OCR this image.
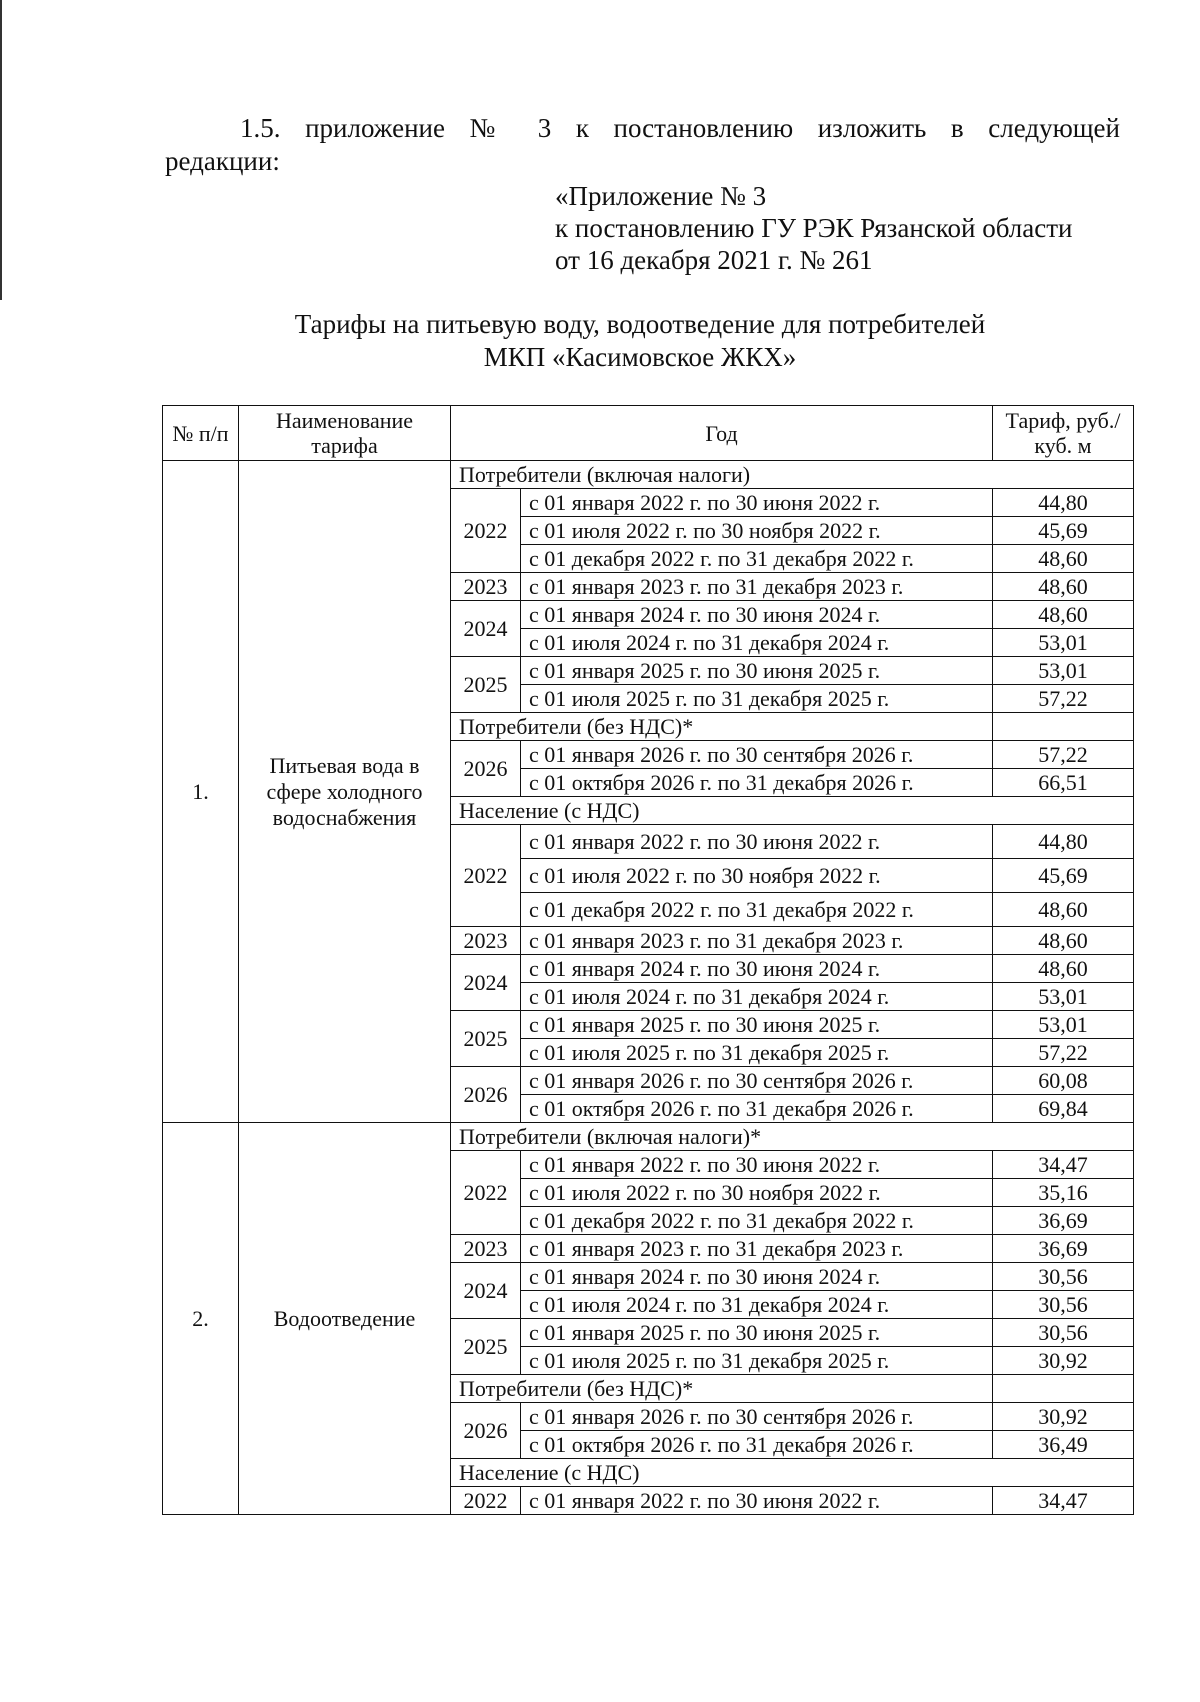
1.5. приложение № 3 к постановлению изложить в следующей
редакции:
«Приложение № 3
к постановлению ГУ РЭК Рязанской области
от 16 декабря 2021 г. № 261
Тарифы на питьевую воду, водоотведение для потребителей
МКП «Касимовское ЖКХ»
№ п/п	Наименование тарифа	Год		Тариф, руб./куб. м
1.	Питьевая вода в сфере холодного водоснабжения	Потребители (включая налоги)		
		2022	с 01 января 2022 г. по 30 июня 2022 г.	44,80
			с 01 июля 2022 г. по 30 ноября 2022 г.	45,69
			с 01 декабря 2022 г. по 31 декабря 2022 г.	48,60
		2023	с 01 января 2023 г. по 31 декабря 2023 г.	48,60
		2024	с 01 января 2024 г. по 30 июня 2024 г.	48,60
			с 01 июля 2024 г. по 31 декабря 2024 г.	53,01
		2025	с 01 января 2025 г. по 30 июня 2025 г.	53,01
			с 01 июля 2025 г. по 31 декабря 2025 г.	57,22
		Потребители (без НДС)*		
		2026	с 01 января 2026 г. по 30 сентября 2026 г.	57,22
			с 01 октября 2026 г. по 31 декабря 2026 г.	66,51
		Население (с НДС)		
		2022	с 01 января 2022 г. по 30 июня 2022 г.	44,80
			с 01 июля 2022 г. по 30 ноября 2022 г.	45,69
			с 01 декабря 2022 г. по 31 декабря 2022 г.	48,60
		2023	с 01 января 2023 г. по 31 декабря 2023 г.	48,60
		2024	с 01 января 2024 г. по 30 июня 2024 г.	48,60
			с 01 июля 2024 г. по 31 декабря 2024 г.	53,01
		2025	с 01 января 2025 г. по 30 июня 2025 г.	53,01
			с 01 июля 2025 г. по 31 декабря 2025 г.	57,22
		2026	с 01 января 2026 г. по 30 сентября 2026 г.	60,08
			с 01 октября 2026 г. по 31 декабря 2026 г.	69,84
2.	Водоотведение	Потребители (включая налоги)*		
		2022	с 01 января 2022 г. по 30 июня 2022 г.	34,47
			с 01 июля 2022 г. по 30 ноября 2022 г.	35,16
			с 01 декабря 2022 г. по 31 декабря 2022 г.	36,69
		2023	с 01 января 2023 г. по 31 декабря 2023 г.	36,69
		2024	с 01 января 2024 г. по 30 июня 2024 г.	30,56
			с 01 июля 2024 г. по 31 декабря 2024 г.	30,56
		2025	с 01 января 2025 г. по 30 июня 2025 г.	30,56
			с 01 июля 2025 г. по 31 декабря 2025 г.	30,92
		Потребители (без НДС)*		
		2026	с 01 января 2026 г. по 30 сентября 2026 г.	30,92
			с 01 октября 2026 г. по 31 декабря 2026 г.	36,49
		Население (с НДС)		
		2022	с 01 января 2022 г. по 30 июня 2022 г.	34,47
